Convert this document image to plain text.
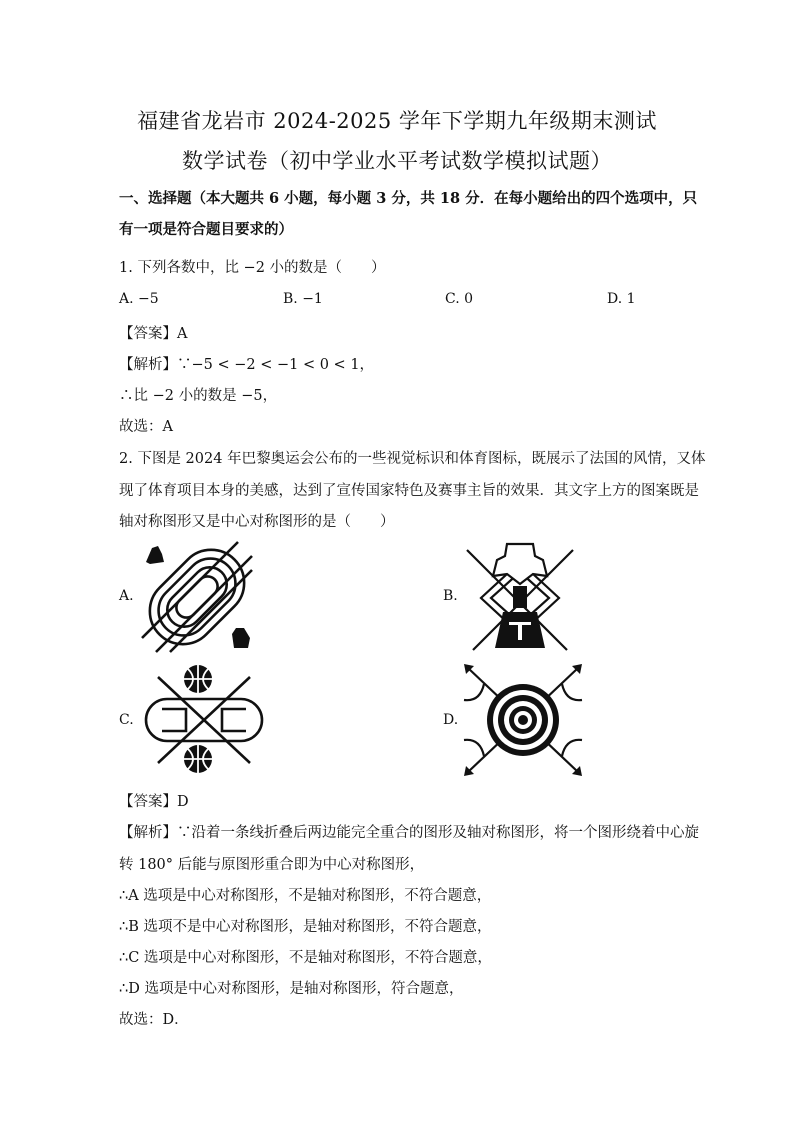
福建省龙岩市 2024-2025 学年下学期九年级期末测试
数学试卷（初中学业水平考试数学模拟试题）
一、选择题（本大题共 6 小题，每小题 3 分，共 18 分．在每小题给出的四个选项中，只
有一项是符合题目要求的）
1. 下列各数中，比 −2 小的数是（　　）
A. −5	B. −1	C. 0	D. 1
【答案】A
【解析】∵−5 < −2 < −1 < 0 < 1，
∴比 −2 小的数是 −5，
故选：A
2. 下图是 2024 年巴黎奥运会公布的一些视觉标识和体育图标，既展示了法国的风情，又体
现了体育项目本身的美感，达到了宣传国家特色及赛事主旨的效果．其文字上方的图案既是
轴对称图形又是中心对称图形的是（　　）
A.	B.
C.	D.
【答案】D
【解析】∵沿着一条线折叠后两边能完全重合的图形及轴对称图形，将一个图形绕着中心旋
转 180° 后能与原图形重合即为中心对称图形，
∴A 选项是中心对称图形，不是轴对称图形，不符合题意，
∴B 选项不是中心对称图形，是轴对称图形，不符合题意，
∴C 选项是中心对称图形，不是轴对称图形，不符合题意，
∴D 选项是中心对称图形，是轴对称图形，符合题意，
故选：D．
